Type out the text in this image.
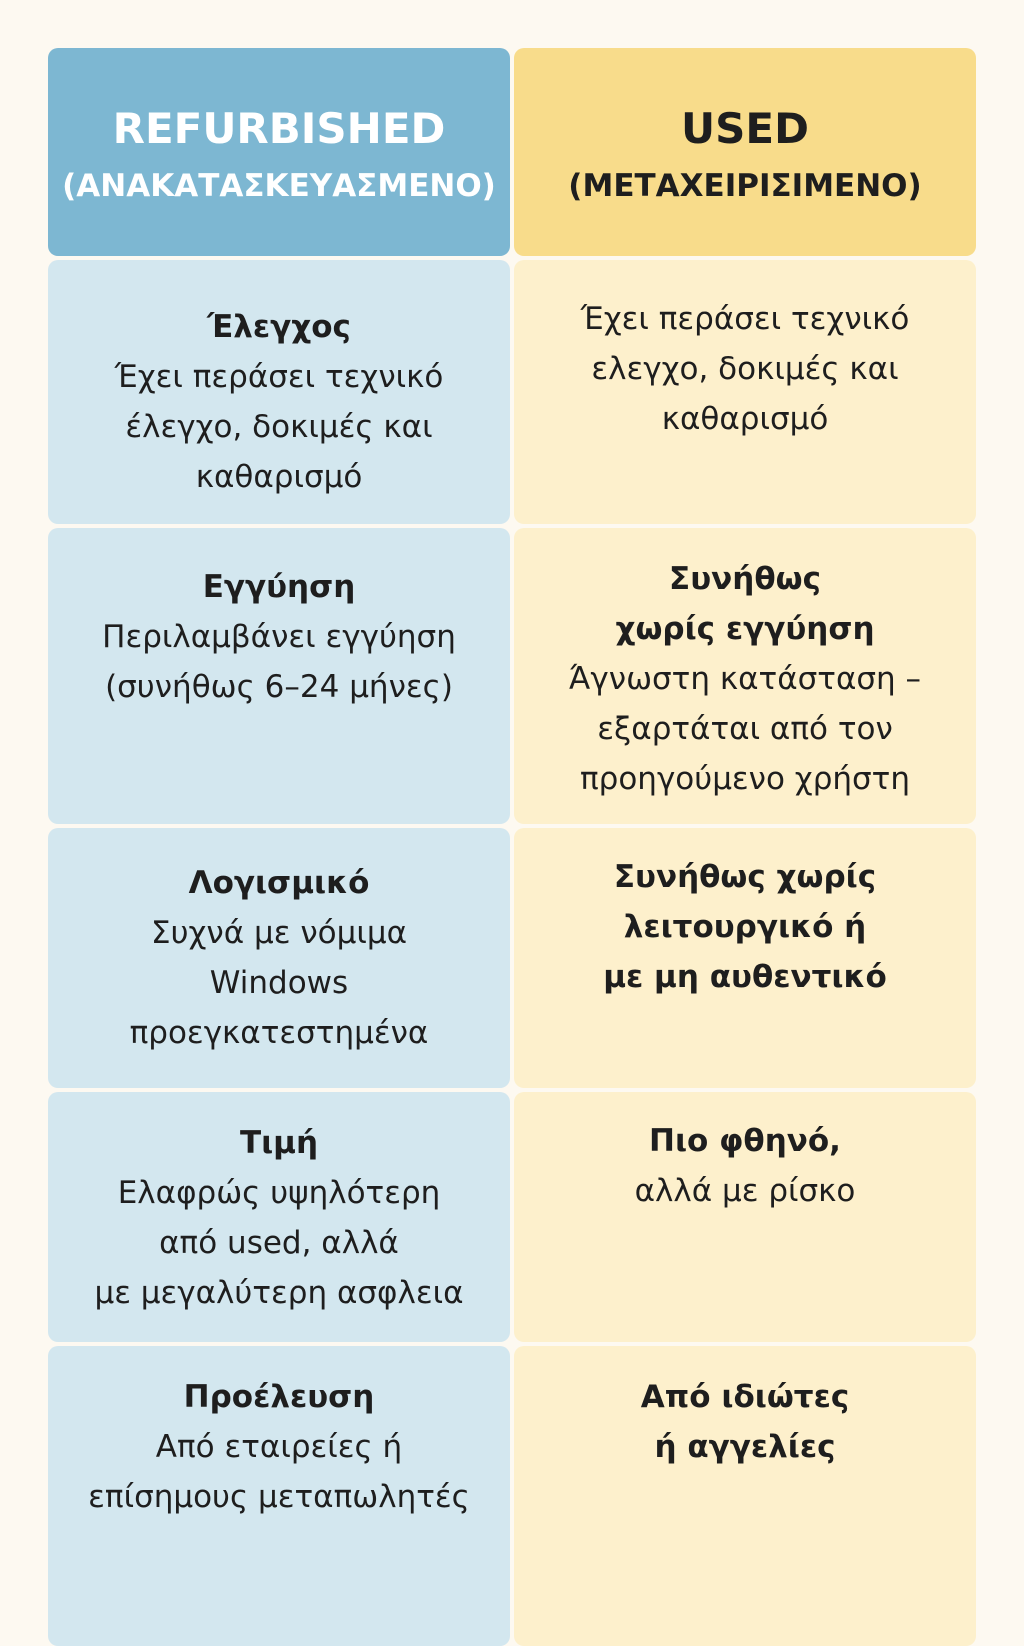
REFURBISHED
(ΑΝΑΚΑΤΑΣΚΕΥΑΣΜΕΝΟ)
USED
(ΜΕΤΑΧΕΙΡΙΣΙΜΕΝΟ)
Έλεγχος
Έχει περάσει τεχνικό
έλεγχο, δοκιμές και
καθαρισμό
Έχει περάσει τεχνικό
ελεγχο, δοκιμές και
καθαρισμό
Εγγύηση
Περιλαμβάνει εγγύηση
(συνήθως 6–24 μήνες)
Συνήθως
χωρίς εγγύηση
Άγνωστη κατάσταση –
εξαρτάται από τον
προηγούμενο χρήστη
Λογισμικό
Συχνά με νόμιμα
Windows
προεγκατεστημένα
Συνήθως χωρίς
λειτουργικό ή
με μη αυθεντικό
Τιμή
Ελαφρώς υψηλότερη
από used, αλλά
με μεγαλύτερη ασφλεια
Πιο φθηνό,
αλλά με ρίσκο
Προέλευση
Από εταιρείες ή
επίσημους μεταπωλητές
Από ιδιώτες
ή αγγελίες
